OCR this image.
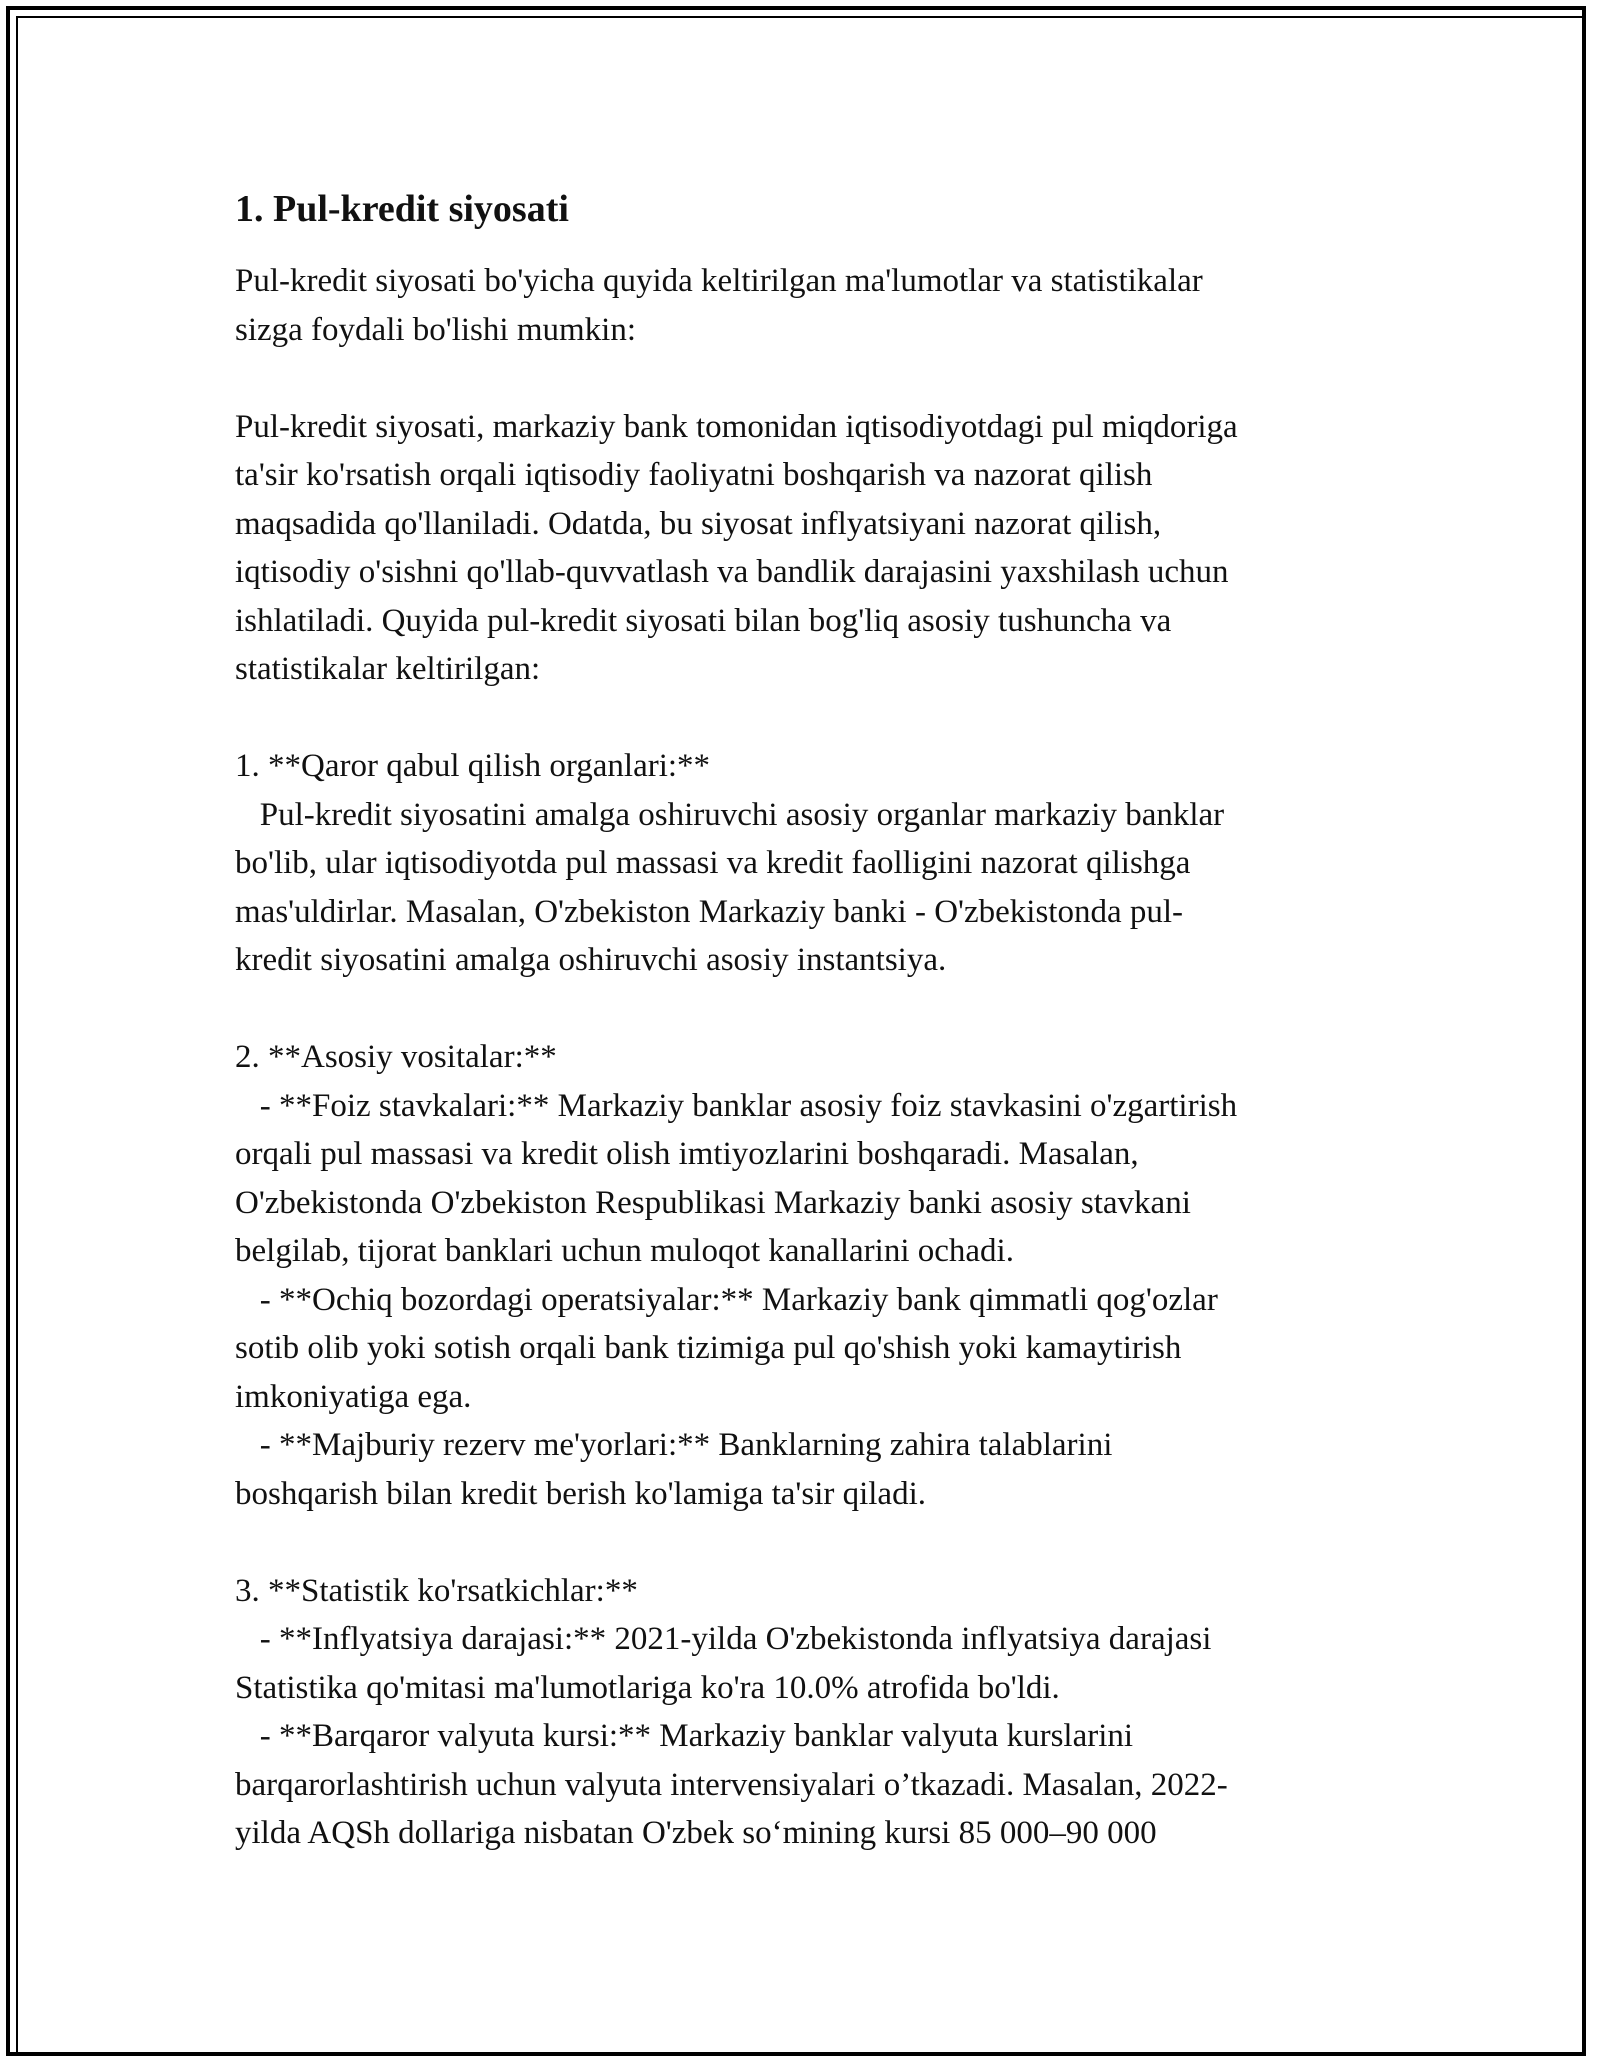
1. Pul-kredit siyosati

Pul-kredit siyosati bo'yicha quyida keltirilgan ma'lumotlar va statistikalar

sizga foydali bo'lishi mumkin:

Pul-kredit siyosati, markaziy bank tomonidan iqtisodiyotdagi pul miqdoriga

ta'sir ko'rsatish orqali iqtisodiy faoliyatni boshqarish va nazorat qilish

maqsadida qo'llaniladi. Odatda, bu siyosat inflyatsiyani nazorat qilish,

iqtisodiy o'sishni qo'llab-quvvatlash va bandlik darajasini yaxshilash uchun

ishlatiladi. Quyida pul-kredit siyosati bilan bog'liq asosiy tushuncha va

statistikalar keltirilgan:

1. **Qaror qabul qilish organlari:**

Pul-kredit siyosatini amalga oshiruvchi asosiy organlar markaziy banklar

bo'lib, ular iqtisodiyotda pul massasi va kredit faolligini nazorat qilishga

mas'uldirlar. Masalan, O'zbekiston Markaziy banki - O'zbekistonda pul-

kredit siyosatini amalga oshiruvchi asosiy instantsiya.

2. **Asosiy vositalar:**

- **Foiz stavkalari:** Markaziy banklar asosiy foiz stavkasini o'zgartirish

orqali pul massasi va kredit olish imtiyozlarini boshqaradi. Masalan,

O'zbekistonda O'zbekiston Respublikasi Markaziy banki asosiy stavkani

belgilab, tijorat banklari uchun muloqot kanallarini ochadi.

- **Ochiq bozordagi operatsiyalar:** Markaziy bank qimmatli qog'ozlar

sotib olib yoki sotish orqali bank tizimiga pul qo'shish yoki kamaytirish

imkoniyatiga ega.

- **Majburiy rezerv me'yorlari:** Banklarning zahira talablarini

boshqarish bilan kredit berish ko'lamiga ta'sir qiladi.

3. **Statistik ko'rsatkichlar:**

- **Inflyatsiya darajasi:** 2021-yilda O'zbekistonda inflyatsiya darajasi

Statistika qo'mitasi ma'lumotlariga ko'ra 10.0% atrofida bo'ldi.

- **Barqaror valyuta kursi:** Markaziy banklar valyuta kurslarini

barqarorlashtirish uchun valyuta intervensiyalari o’tkazadi. Masalan, 2022-

yilda AQSh dollariga nisbatan O'zbek so‘mining kursi 85 000–90 000
